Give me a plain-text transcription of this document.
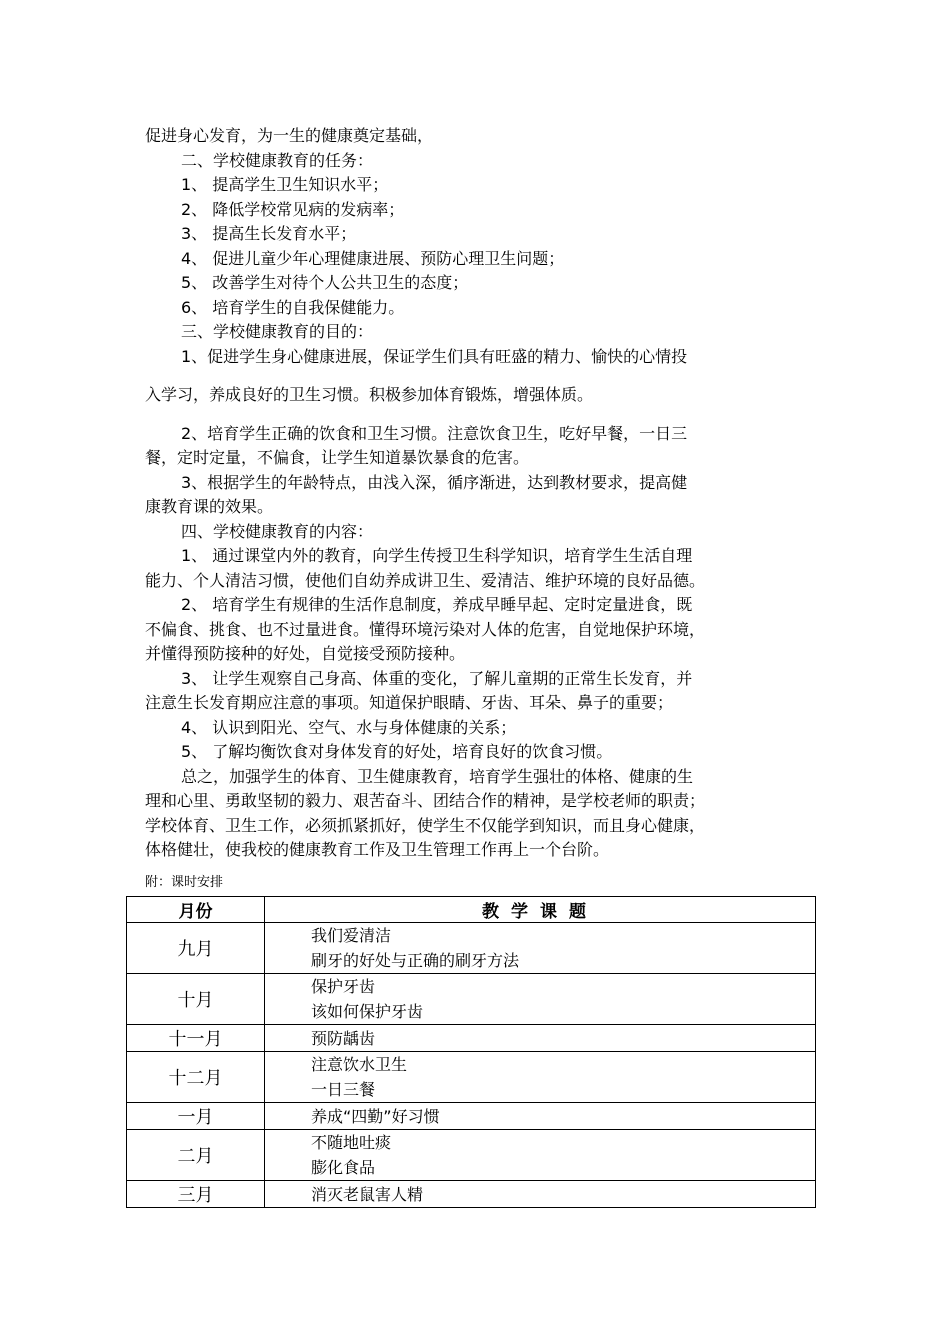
促进身心发育，为一生的健康奠定基础，

二、学校健康教育的任务：

1、 提高学生卫生知识水平；

2、 降低学校常见病的发病率；

3、 提高生长发育水平；

4、 促进儿童少年心理健康进展、预防心理卫生问题；

5、 改善学生对待个人公共卫生的态度；

6、 培育学生的自我保健能力。

三、学校健康教育的目的：

1、促进学生身心健康进展，保证学生们具有旺盛的精力、愉快的心情投

入学习，养成良好的卫生习惯。积极参加体育锻炼，增强体质。

2、培育学生正确的饮食和卫生习惯。注意饮食卫生，吃好早餐，一日三

餐，定时定量，不偏食，让学生知道暴饮暴食的危害。

3、根据学生的年龄特点，由浅入深，循序渐进，达到教材要求，提高健

康教育课的效果。

四、学校健康教育的内容：

1、 通过课堂内外的教育，向学生传授卫生科学知识，培育学生生活自理

能力、个人清洁习惯，使他们自幼养成讲卫生、爱清洁、维护环境的良好品德。

2、 培育学生有规律的生活作息制度，养成早睡早起、定时定量进食，既

不偏食、挑食、也不过量进食。懂得环境污染对人体的危害，自觉地保护环境，

并懂得预防接种的好处，自觉接受预防接种。

3、 让学生观察自己身高、体重的变化，了解儿童期的正常生长发育，并

注意生长发育期应注意的事项。知道保护眼睛、牙齿、耳朵、鼻子的重要；

4、 认识到阳光、空气、水与身体健康的关系；

5、 了解均衡饮食对身体发育的好处，培育良好的饮食习惯。

总之，加强学生的体育、卫生健康教育，培育学生强壮的体格、健康的生

理和心里、勇敢坚韧的毅力、艰苦奋斗、团结合作的精神，是学校老师的职责；

学校体育、卫生工作，必须抓紧抓好，使学生不仅能学到知识，而且身心健康，

体格健壮，使我校的健康教育工作及卫生管理工作再上一个台阶。

附：课时安排
月份	教学课题
九月	我们爱清洁
刷牙的好处与正确的刷牙方法

十月	保护牙齿
该如何保护牙齿

十一月	预防龋齿

十二月	注意饮水卫生
一日三餐

一月	养成“四勤”好习惯

二月	不随地吐痰
膨化食品

三月	消灭老鼠害人精
